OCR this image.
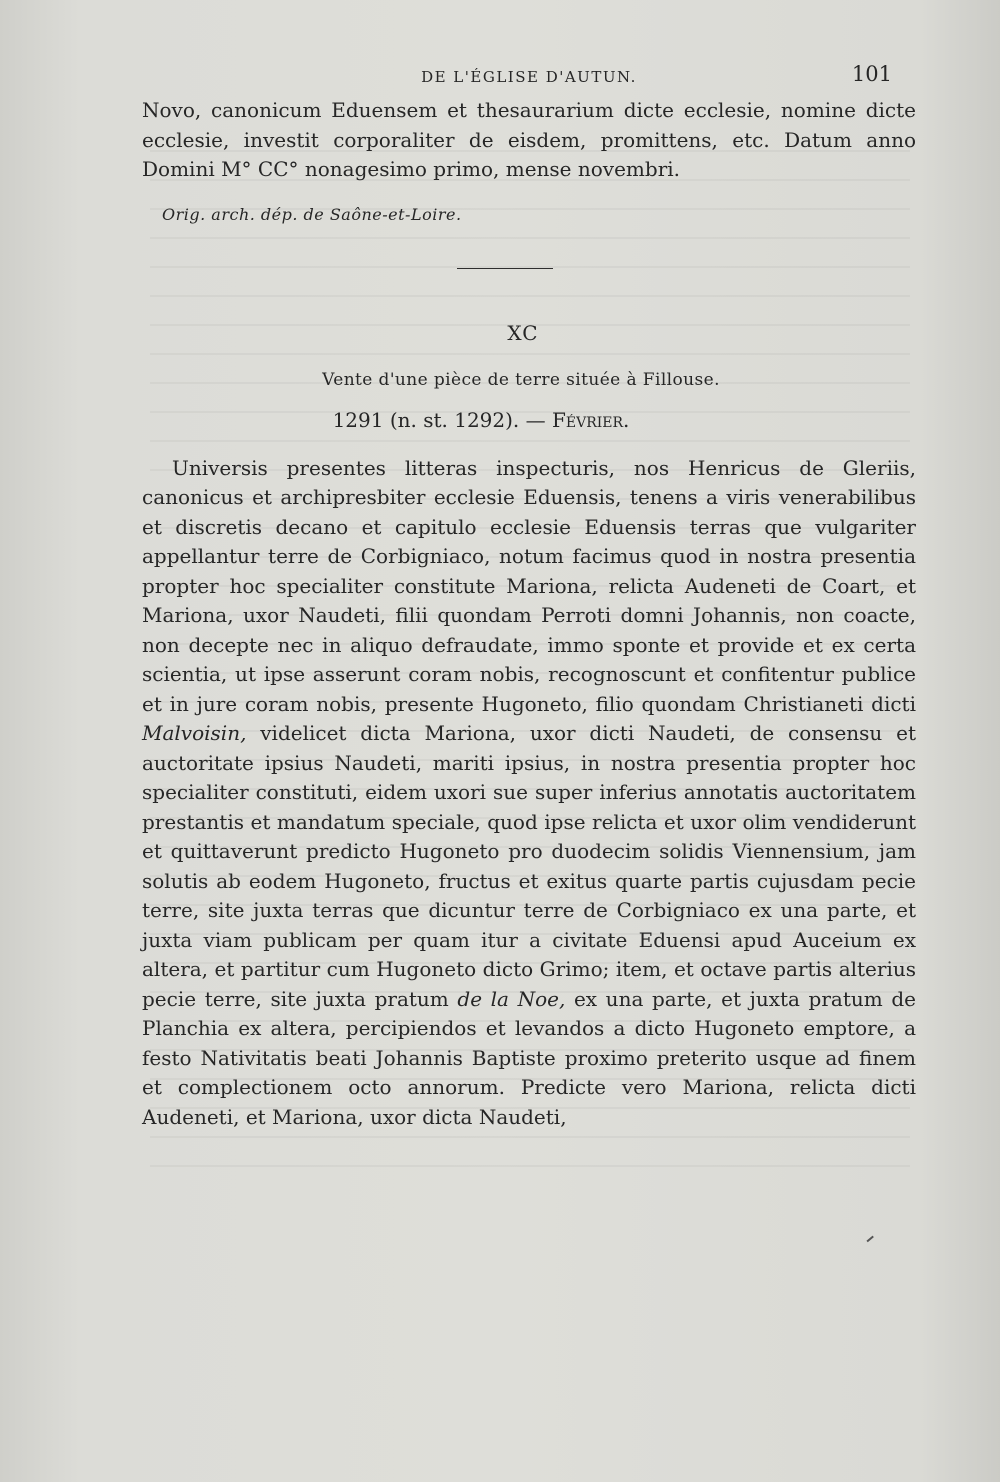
DE L'ÉGLISE D'AUTUN.	101

Novo, canonicum Eduensem et thesaurarium dicte ecclesie, nomine dicte ecclesie, investit corporaliter de eisdem, promittens, etc. Datum anno Domini M° CC° nonagesimo primo, mense novembri.

Orig. arch. dép. de Saône-et-Loire.
XC
Vente d'une pièce de terre située à Fillouse.
1291 (n. st. 1292). — Février.

Universis presentes litteras inspecturis, nos Henricus de Gleriis, canonicus et archipresbiter ecclesie Eduensis, tenens a viris venerabilibus et discretis decano et capitulo ecclesie Eduensis terras que vulgariter appellantur terre de Corbigniaco, notum facimus quod in nostra presentia propter hoc specialiter constitute Mariona, relicta Audeneti de Coart, et Mariona, uxor Naudeti, filii quondam Perroti domni Johannis, non coacte, non decepte nec in aliquo defraudate, immo sponte et provide et ex certa scientia, ut ipse asserunt coram nobis, recognoscunt et confitentur publice et in jure coram nobis, presente Hugoneto, filio quondam Christianeti dicti Malvoisin, videlicet dicta Mariona, uxor dicti Naudeti, de consensu et auctoritate ipsius Naudeti, mariti ipsius, in nostra presentia propter hoc specialiter constituti, eidem uxori sue super inferius annotatis auctoritatem prestantis et mandatum speciale, quod ipse relicta et uxor olim vendiderunt et quittaverunt predicto Hugoneto pro duodecim solidis Viennensium, jam solutis ab eodem Hugoneto, fructus et exitus quarte partis cujusdam pecie terre, site juxta terras que dicuntur terre de Corbigniaco ex una parte, et juxta viam publicam per quam itur a civitate Eduensi apud Auceium ex altera, et partitur cum Hugoneto dicto Grimo; item, et octave partis alterius pecie terre, site juxta pratum de la Noe, ex una parte, et juxta pratum de Planchia ex altera, percipiendos et levandos a dicto Hugoneto emptore, a festo Nativitatis beati Johannis Baptiste proximo preterito usque ad finem et complectionem octo annorum. Predicte vero Mariona, relicta dicti Audeneti, et Mariona, uxor dicta Naudeti,
